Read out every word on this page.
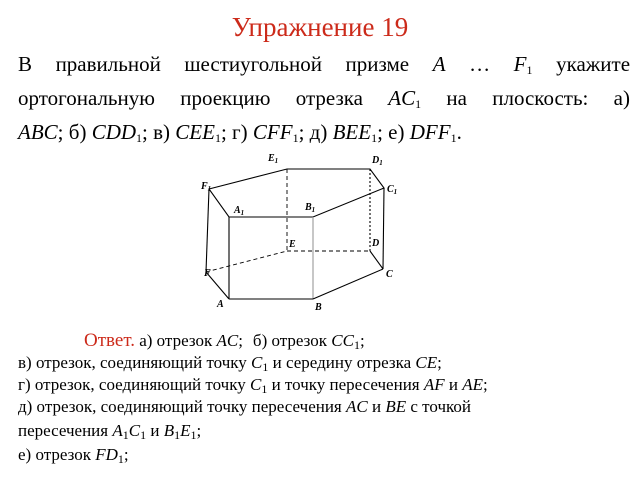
Упражнение 19
В правильной шестиугольной призме A … $F_1$ укажите
ортогональную проекцию отрезка $AC_1$ на плоскость: а)
ABC; б) $CDD_1$; в) $CEE_1$; г) $CFF_1$; д) $BEE_1$; е) $DFF_1$.
$E_1$	$D_1$
$F_1$	$C_1$
$A_1$	$B_1$
E	D
F	C
A	B
Ответ. а) отрезок AC; б) отрезок $CC_1$;
в) отрезок, соединяющий точку $C_1$ и середину отрезка CE;
г) отрезок, соединяющий точку $C_1$ и точку пересечения AF и AE;
д) отрезок, соединяющий точку пересечения AC и BE с точкой
пересечения $A_1C_1$ и $B_1E_1$;
е) отрезок $FD_1$;
